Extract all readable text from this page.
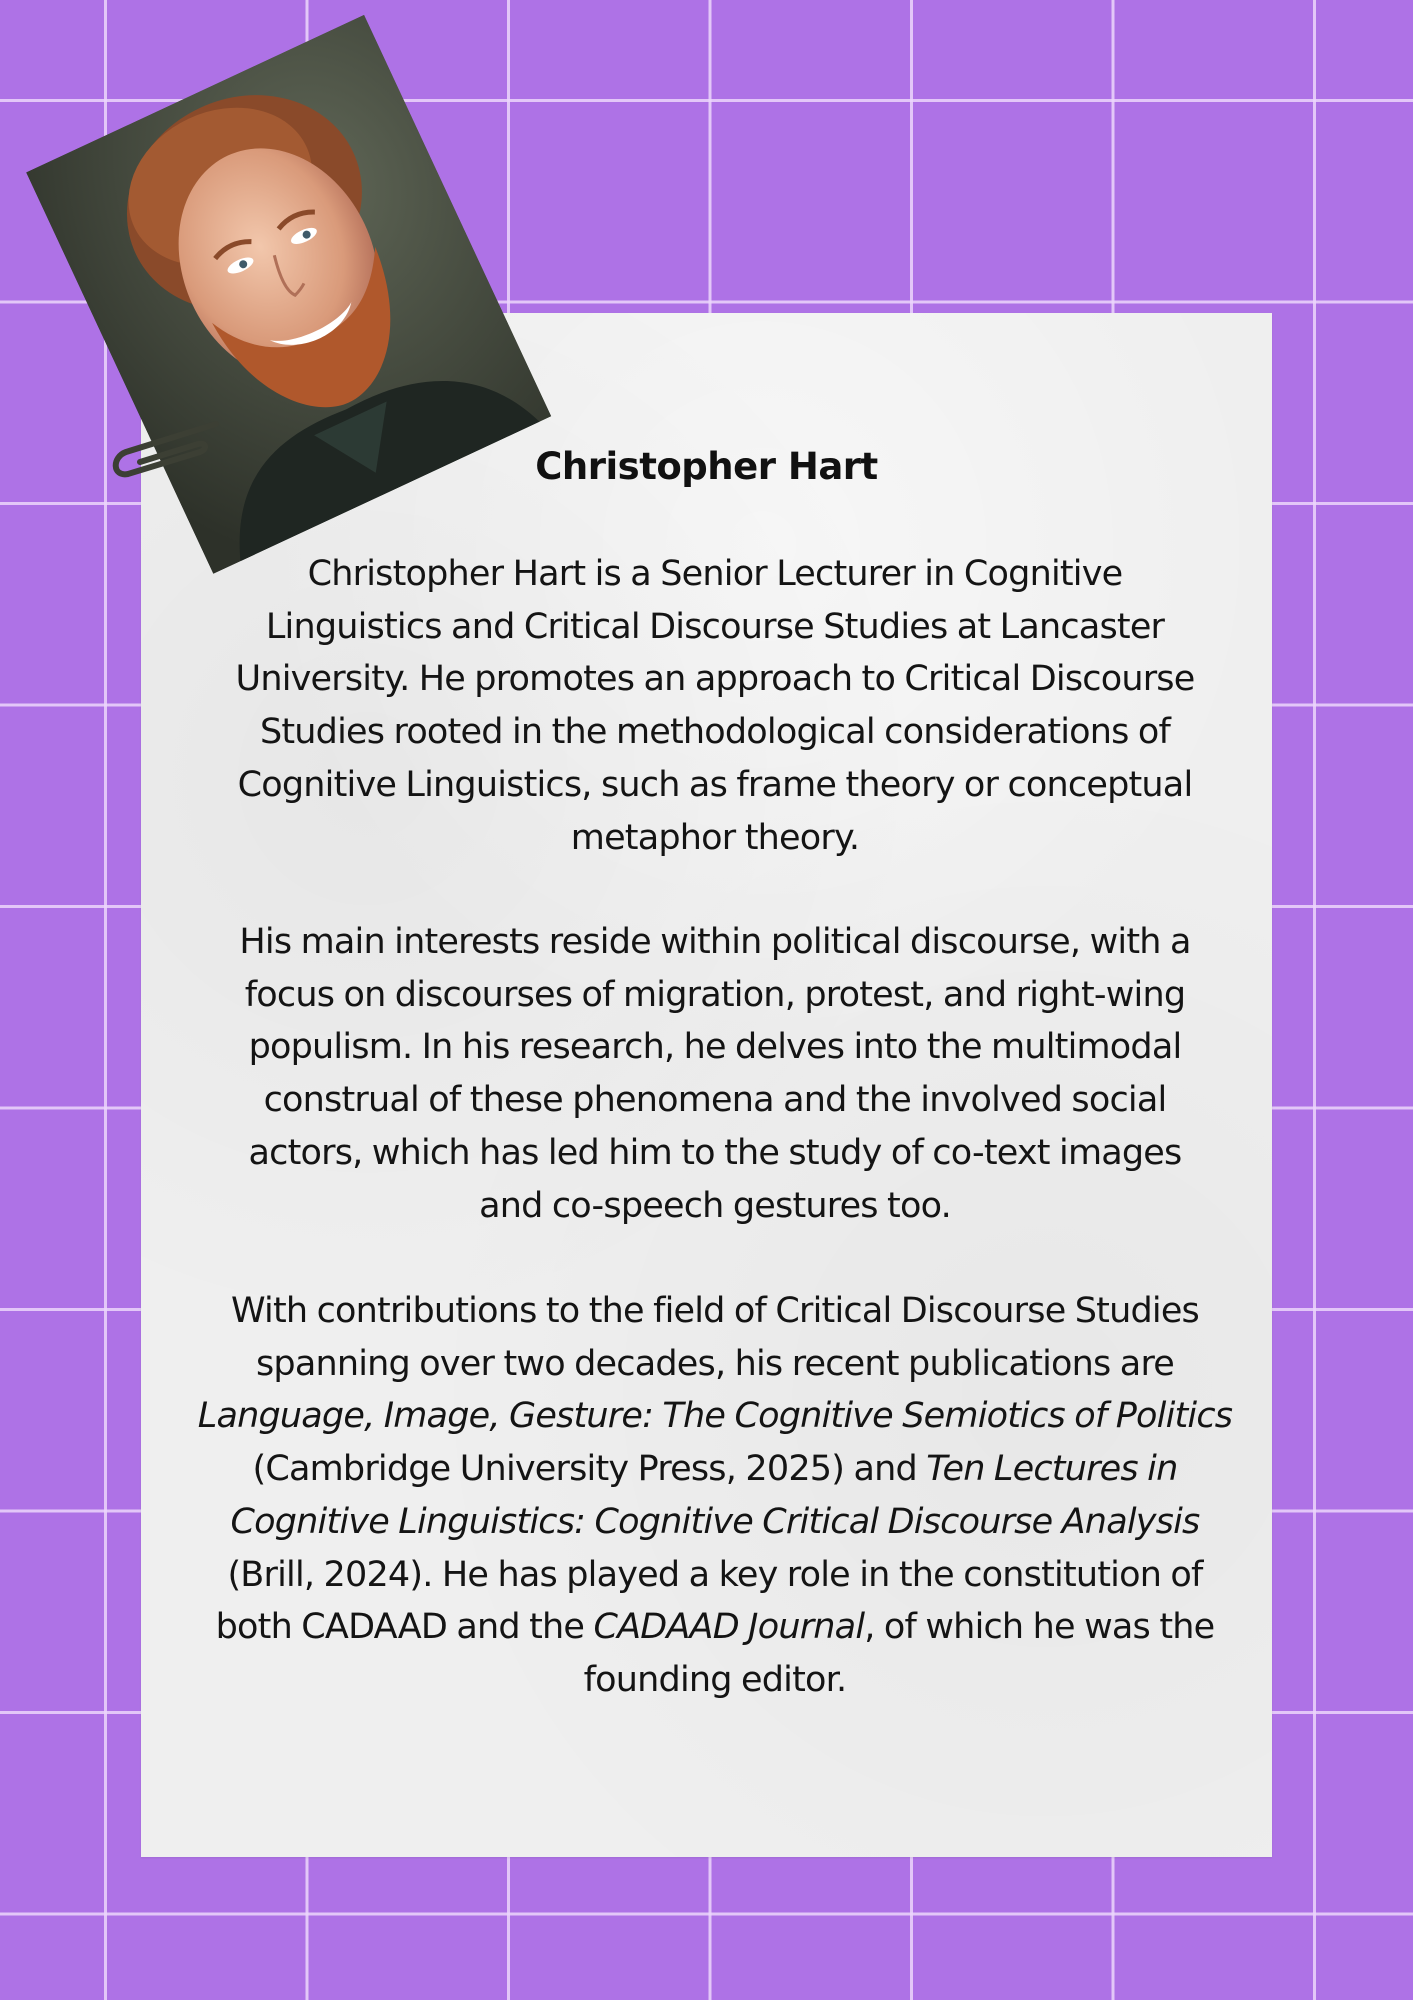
Christopher Hart
Christopher Hart is a Senior Lecturer in Cognitive
Linguistics and Critical Discourse Studies at Lancaster
University. He promotes an approach to Critical Discourse
Studies rooted in the methodological considerations of
Cognitive Linguistics, such as frame theory or conceptual
metaphor theory.
His main interests reside within political discourse, with a
focus on discourses of migration, protest, and right-wing
populism. In his research, he delves into the multimodal
construal of these phenomena and the involved social
actors, which has led him to the study of co-text images
and co-speech gestures too.
With contributions to the field of Critical Discourse Studies
spanning over two decades, his recent publications are
Language, Image, Gesture: The Cognitive Semiotics of Politics
(Cambridge University Press, 2025) and Ten Lectures in
Cognitive Linguistics: Cognitive Critical Discourse Analysis
(Brill, 2024). He has played a key role in the constitution of
both CADAAD and the CADAAD Journal, of which he was the
founding editor.
